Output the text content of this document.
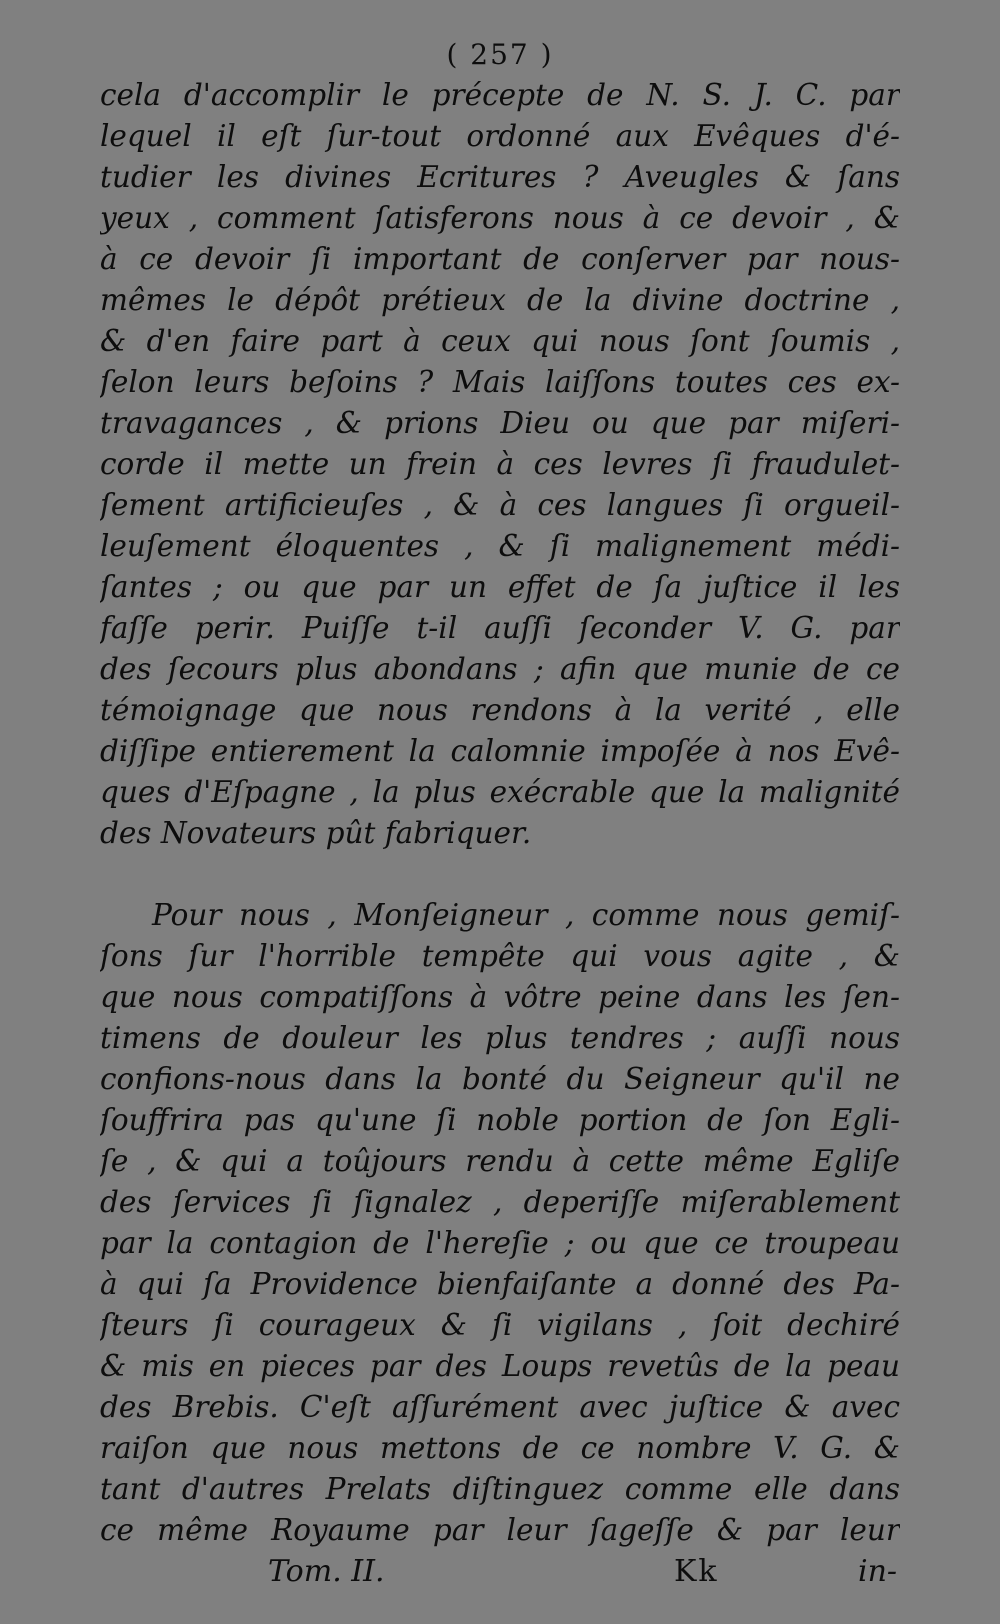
( 257 )
cela d'accomplir le précepte de N. S. J. C. par
lequel il eſt ſur-tout ordonné aux Evêques d'é-
tudier les divines Ecritures ? Aveugles & ſans
yeux , comment ſatisferons nous à ce devoir , &
à ce devoir ſi important de conſerver par nous-
mêmes le dépôt prétieux de la divine doctrine ,
& d'en faire part à ceux qui nous ſont ſoumis ,
ſelon leurs beſoins ? Mais laiſſons toutes ces ex-
travagances , & prions Dieu ou que par miſeri-
corde il mette un frein à ces levres ſi fraudulet-
ſement artificieuſes , & à ces langues ſi orgueil-
leuſement éloquentes , & ſi malignement médi-
ſantes ; ou que par un effet de ſa juſtice il les
faſſe perir. Puiſſe t-il auſſi ſeconder V. G. par
des ſecours plus abondans ; afin que munie de ce
témoignage que nous rendons à la verité , elle
diſſipe entierement la calomnie impoſée à nos Evê-
ques d'Eſpagne , la plus exécrable que la malignité
des Novateurs pût fabriquer.
Pour nous , Monſeigneur , comme nous gemiſ-
ſons ſur l'horrible tempête qui vous agite , &
que nous compatiſſons à vôtre peine dans les ſen-
timens de douleur les plus tendres ; auſſi nous
confions-nous dans la bonté du Seigneur qu'il ne
ſouffrira pas qu'une ſi noble portion de ſon Egli-
ſe , & qui a toûjours rendu à cette même Egliſe
des ſervices ſi ſignalez , deperiſſe miſerablement
par la contagion de l'hereſie ; ou que ce troupeau
à qui ſa Providence bienfaiſante a donné des Pa-
ſteurs ſi courageux & ſi vigilans , ſoit dechiré
& mis en pieces par des Loups revetûs de la peau
des Brebis. C'eſt aſſurément avec juſtice & avec
raiſon que nous mettons de ce nombre V. G. &
tant d'autres Prelats diſtinguez comme elle dans
ce même Royaume par leur ſageſſe & par leur
Tom. II.	Kk	in-
